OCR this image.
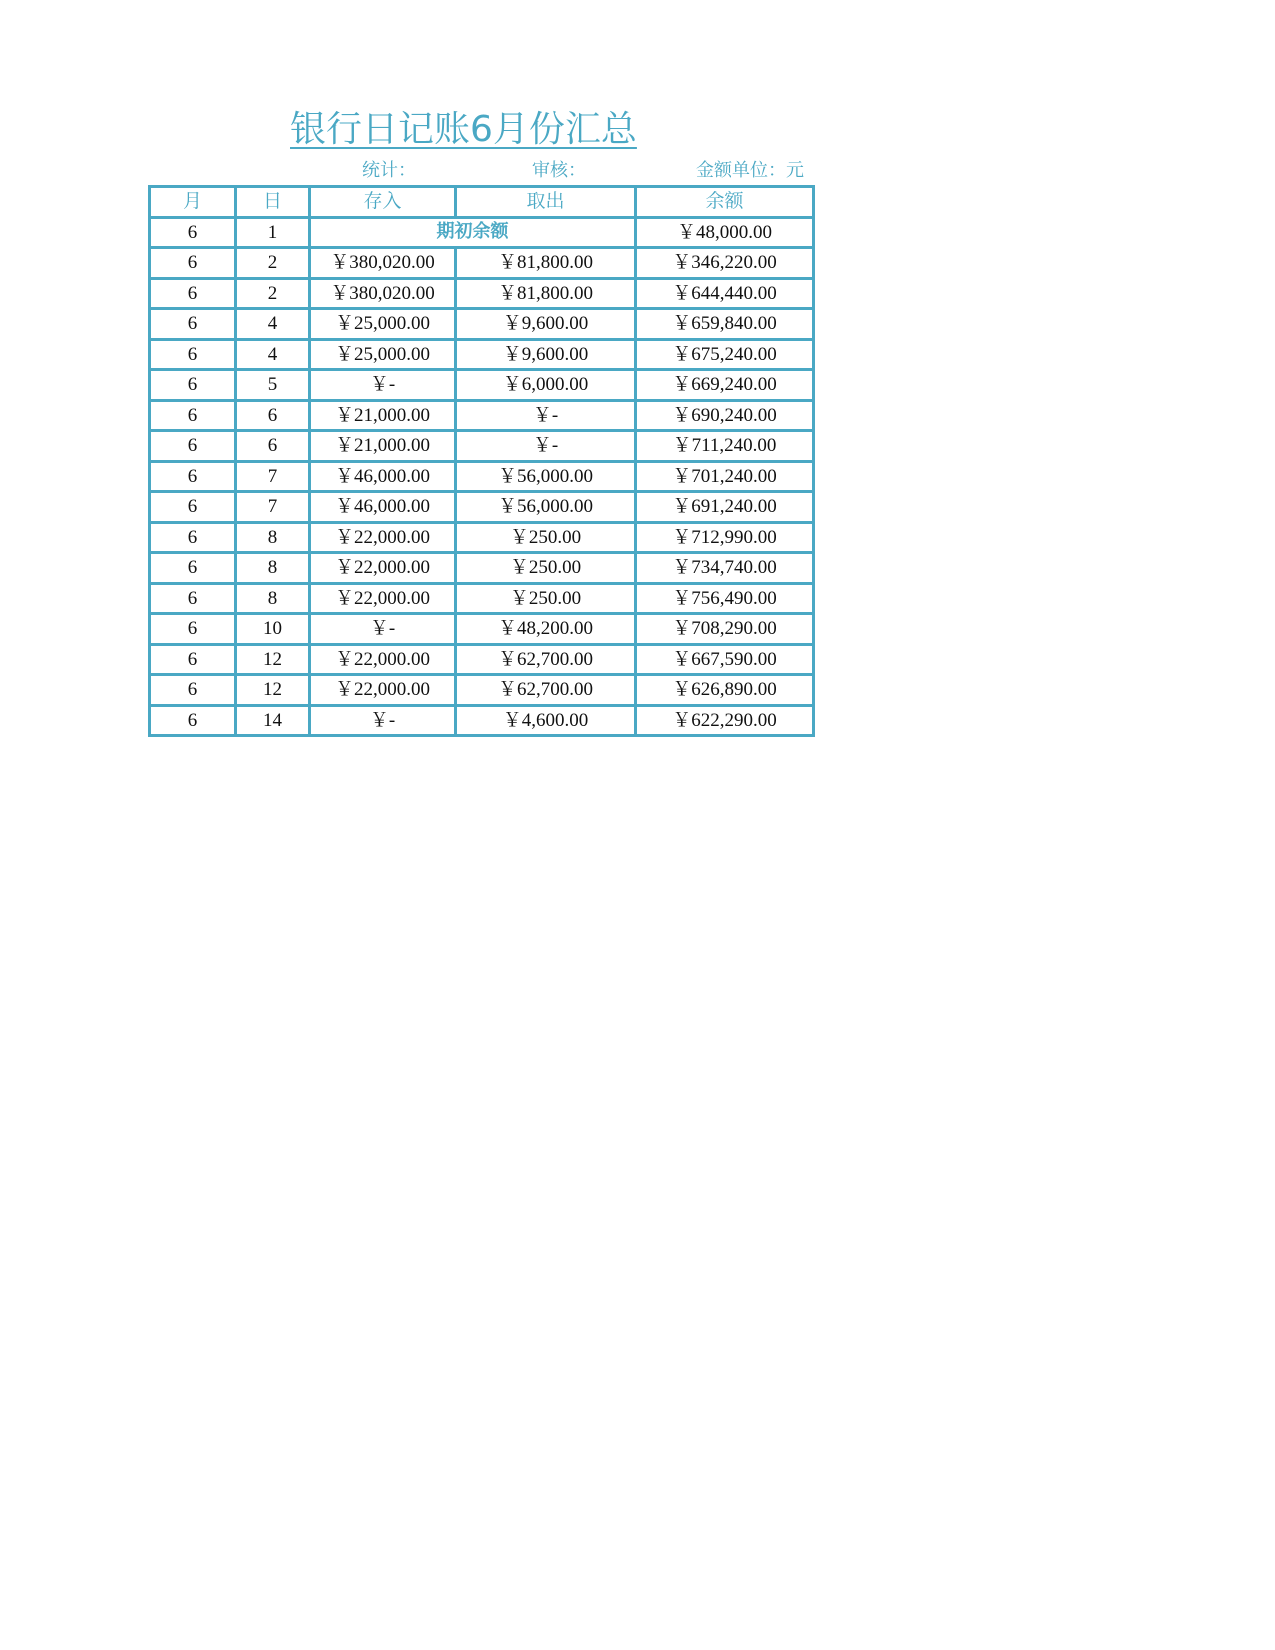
银行日记账6月份汇总
统计：	审核：	金额单位：元
月	日	存入	取出	余额
6	1	期初余额		￥48,000.00
6	2	￥380,020.00	￥81,800.00	￥346,220.00
6	2	￥380,020.00	￥81,800.00	￥644,440.00
6	4	￥25,000.00	￥9,600.00	￥659,840.00
6	4	￥25,000.00	￥9,600.00	￥675,240.00
6	5	￥-	￥6,000.00	￥669,240.00
6	6	￥21,000.00	￥-	￥690,240.00
6	6	￥21,000.00	￥-	￥711,240.00
6	7	￥46,000.00	￥56,000.00	￥701,240.00
6	7	￥46,000.00	￥56,000.00	￥691,240.00
6	8	￥22,000.00	￥250.00	￥712,990.00
6	8	￥22,000.00	￥250.00	￥734,740.00
6	8	￥22,000.00	￥250.00	￥756,490.00
6	10	￥-	￥48,200.00	￥708,290.00
6	12	￥22,000.00	￥62,700.00	￥667,590.00
6	12	￥22,000.00	￥62,700.00	￥626,890.00
6	14	￥-	￥4,600.00	￥622,290.00
